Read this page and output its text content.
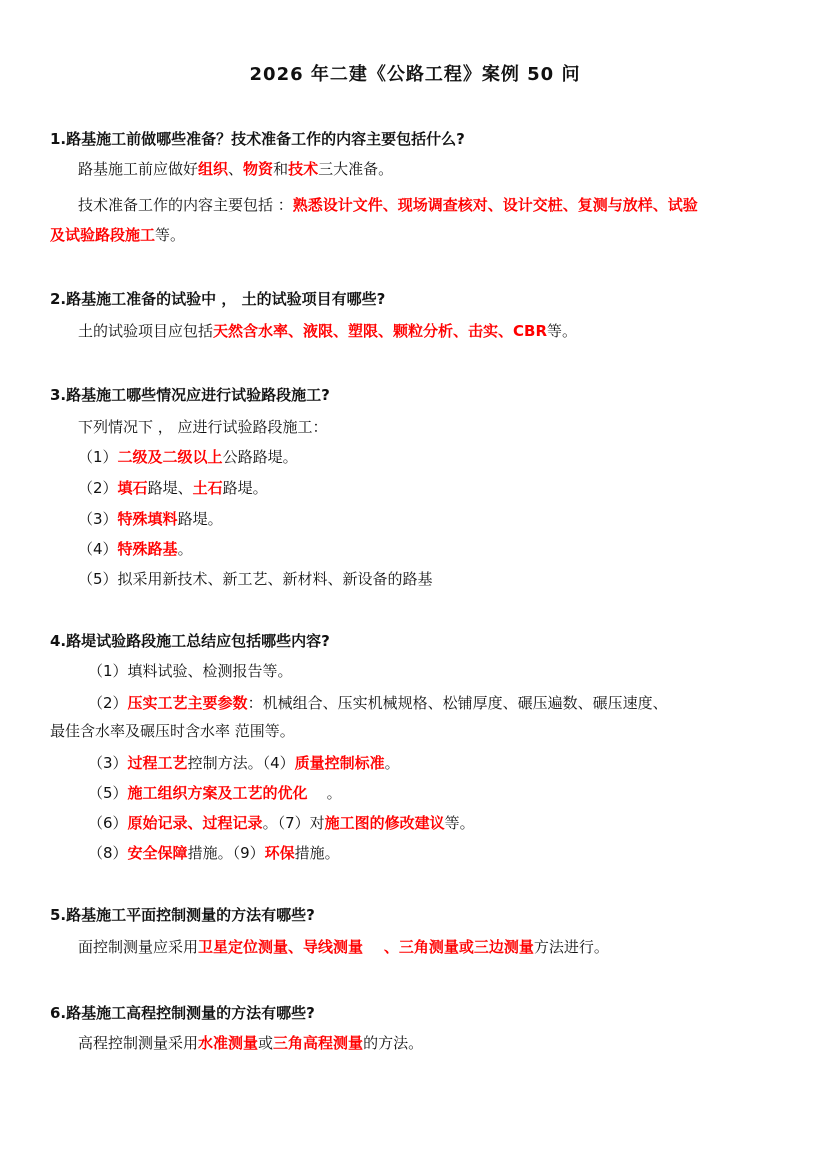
2026 年二建《公路工程》案例 50 问
1.路基施工前做哪些准备？技术准备工作的内容主要包括什么?
路基施工前应做好组织、物资和技术三大准备。
技术准备工作的内容主要包括 ：熟悉设计文件、现场调查核对、设计交桩、复测与放样、试验
及试验路段施工等。
2.路基施工准备的试验中 ， 土的试验项目有哪些?
土的试验项目应包括天然含水率、液限、塑限、颗粒分析、击实、CBR等。
3.路基施工哪些情况应进行试验路段施工?
下列情况下 ， 应进行试验路段施工：
（1）二级及二级以上公路路堤。
（2）填石路堤、土石路堤。
（3）特殊填料路堤。
（4）特殊路基。
（5）拟采用新技术、新工艺、新材料、新设备的路基
4.路堤试验路段施工总结应包括哪些内容?
（1）填料试验、检测报告等。
（2）压实工艺主要参数：机械组合、压实机械规格、松铺厚度、碾压遍数、碾压速度、
最佳含水率及碾压时含水率 范围等。
（3）过程工艺控制方法。（4）质量控制标准。
（5）施工组织方案及工艺的优化    。
（6）原始记录、过程记录。（7）对施工图的修改建议等。
（8）安全保障措施。（9）环保措施。
5.路基施工平面控制测量的方法有哪些?
面控制测量应采用卫星定位测量、导线测量    、三角测量或三边测量方法进行。
6.路基施工高程控制测量的方法有哪些?
高程控制测量采用水准测量或三角高程测量的方法。
